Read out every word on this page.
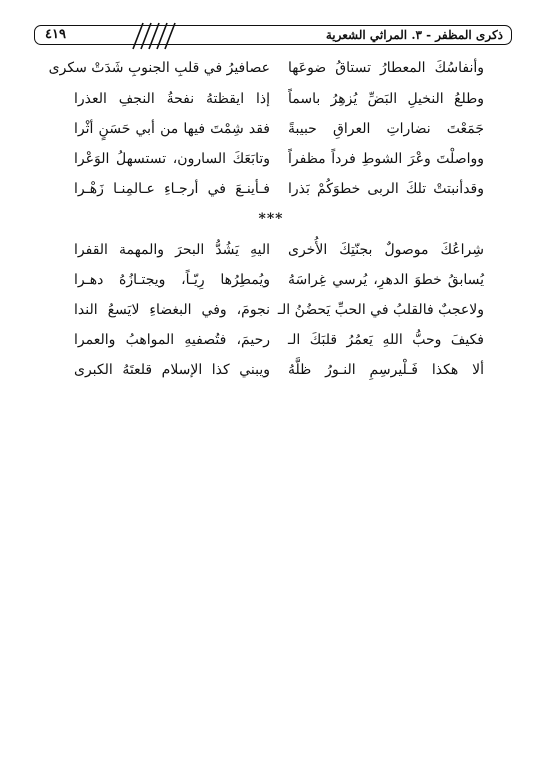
ذكرى المظفر - ٣. المراثي الشعرية
٤١٩
وأنفاسُكَ المعطارُ تستاقُ ضوعَها
عصافيرُ في قلبِ الجنوبِ شَدَتْ سكرى
وطلعُ النخيلِ البَضِّ يُزهِرُ باسماً
إذا ايقظتهُ نفحةُ النجفِ العذرا
جَمَعْتَ نضاراتِ العراقِ حبيبةً
فقد شِمْتَ فيها من أبي حَسَنٍ أثْرا
وواصلْتَ وعْرَ الشوطِ فرداً مظفراً
وتابَعَكَ السارون، تستسهلُ الوَعْرا
وقدأنبتتْ تلكَ الربى خطوَكُمْ بَذرا
فـأينـعَ في أرجـاءِ عـالمِنـا زَهْـرا
***
شِراعُكَ موصولٌ بجنّتِكَ الأُخرى
اليهِ يَشُدُّ البحرَ والمهمة القفرا
يُسابقُ خطوَ الدهرِ، يُرسي غِراسَهُ
ويُمطِرُها رِيّـاً، ويجتـازُهُ دهـرا
ولاعجبٌ فالقلبُ في الحبِّ يَحضُنُ الـ
نجومَ، وفي البغضاءِ لايَسعُ الندا
فكيفَ وحبُّ اللهِ يَعمُرُ قلبَكَ الـ
رحيمَ، فتُصفيهِ المواهبُ والعمرا
ألا هكذا فَـلْيرسِمِ النـورُ ظلَّهُ
ويبني كذا الإسلام قلعتَهُ الكبرى
